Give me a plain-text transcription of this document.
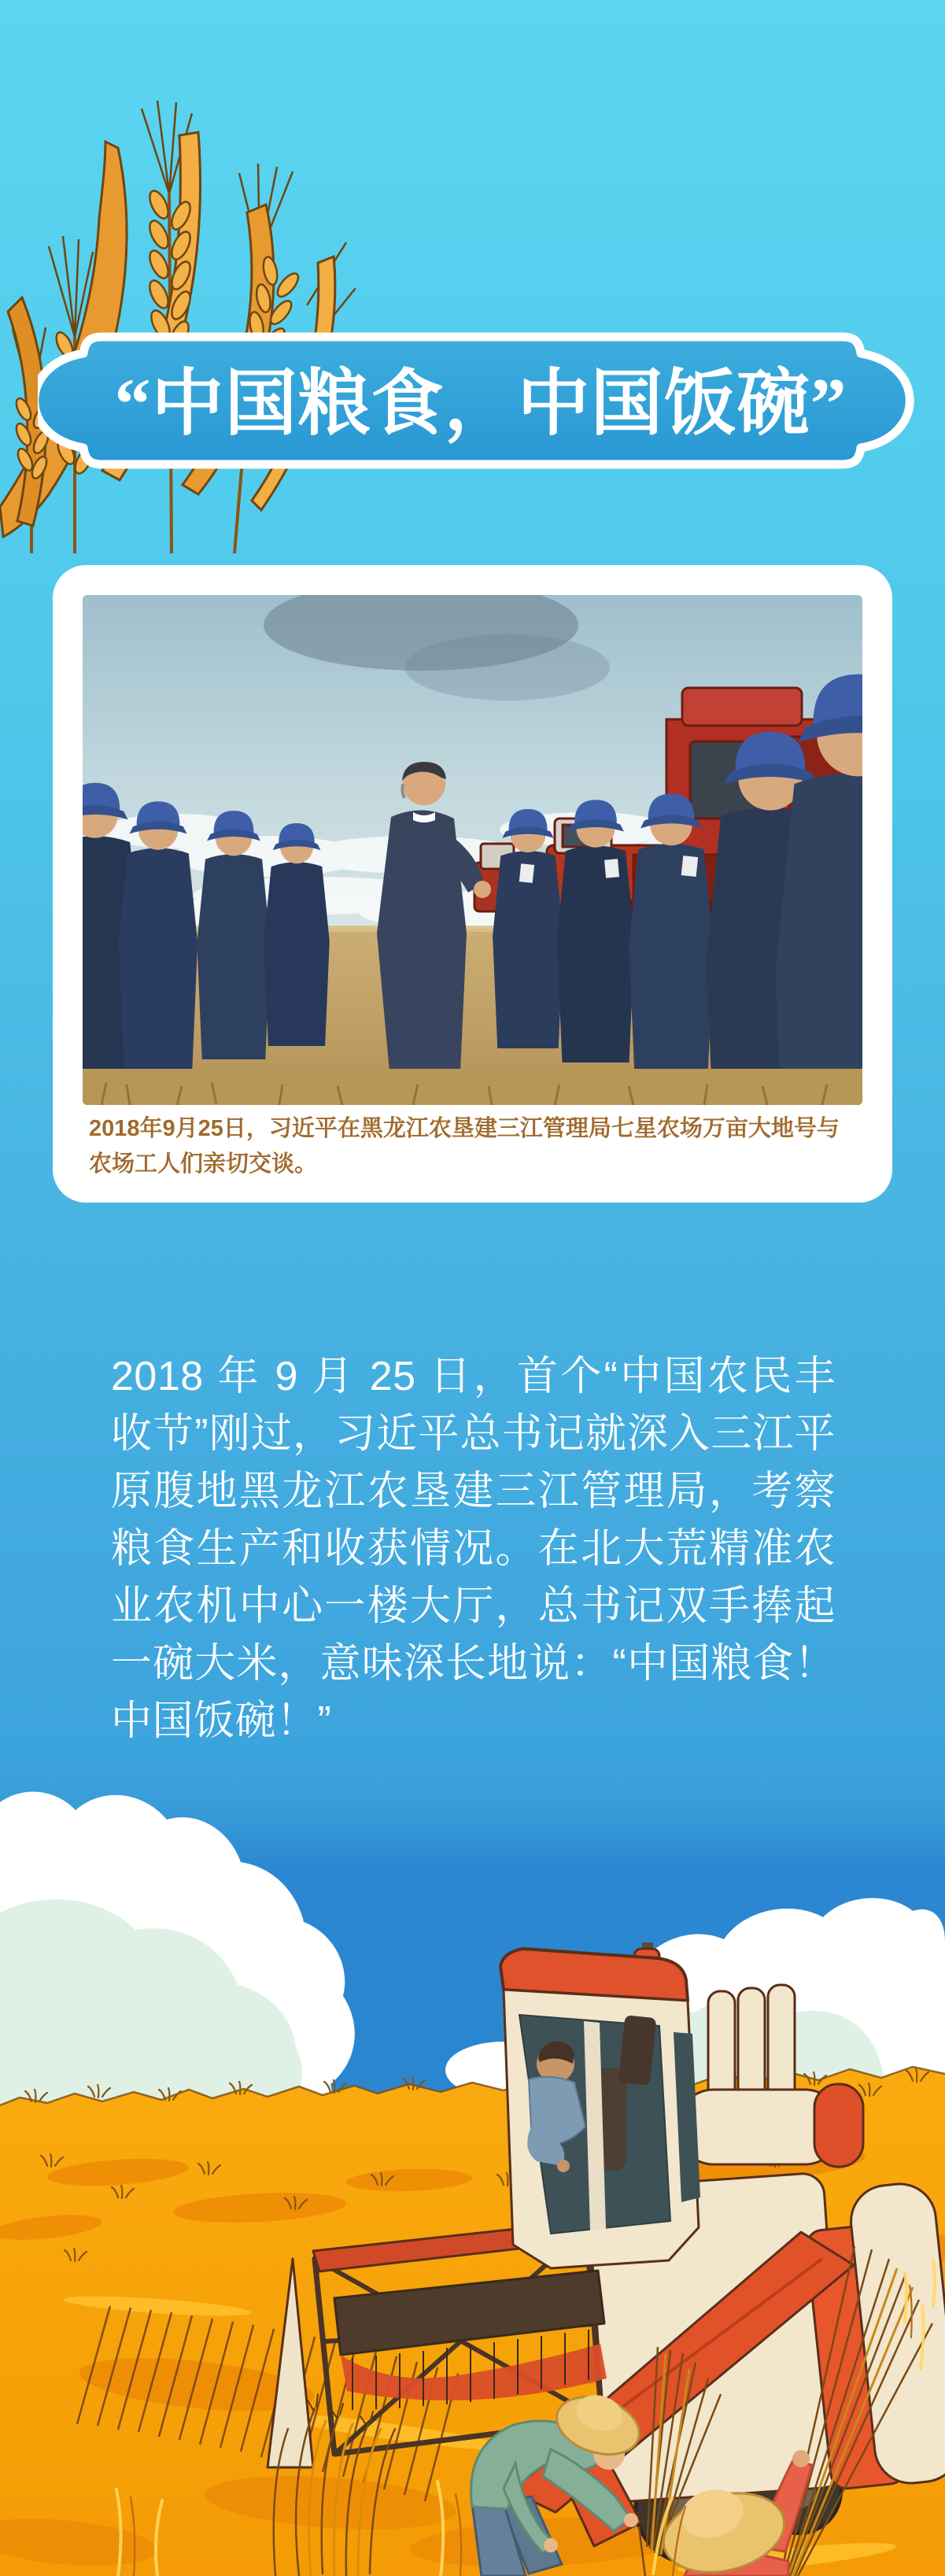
“中国粮食，中国饭碗”
2018年9月25日，习近平在黑龙江农垦建三江管理局七星农场万亩大地号与农场工人们亲切交谈。
2018 年 9 月 25 日，首个“中国农民丰收节”刚过，习近平总书记就深入三江平原腹地黑龙江农垦建三江管理局，考察粮食生产和收获情况。在北大荒精准农业农机中心一楼大厅，总书记双手捧起一碗大米，意味深长地说：“中国粮食！中国饭碗！”
